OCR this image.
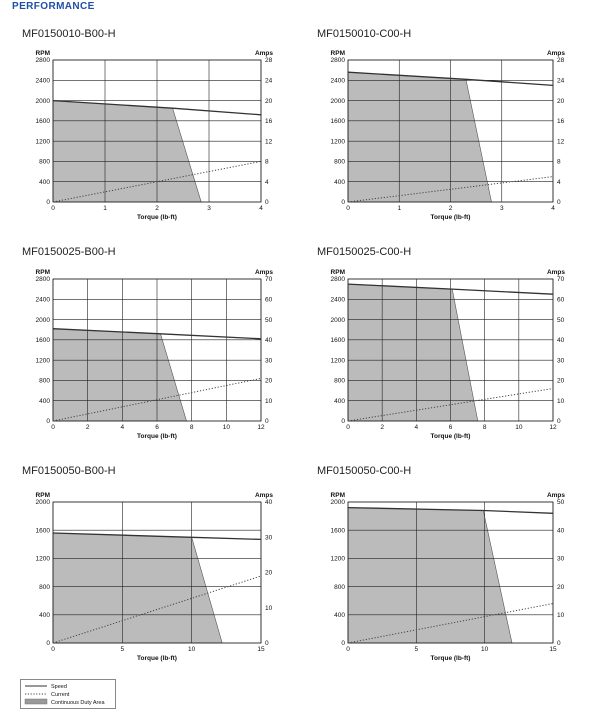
PERFORMANCE
MF0150010-B00-H
0	1	2	3	4
0
400
800
1200
1600
2000
2400
2800
0
4
8
12
16
20
24
28
Torque (lb-ft)
RPM	Amps
MF0150010-C00-H
0	1	2	3	4
0
400
800
1200
1600
2000
2400
2800
0
4
8
12
16
20
24
28
Torque (lb-ft)
RPM	Amps
MF0150025-B00-H
0	2	4	6	8	10	12
0
400
800
1200
1600
2000
2400
2800
0
10
20
30
40
50
60
70
Torque (lb-ft)
RPM	Amps
MF0150025-C00-H
0	2	4	6	8	10	12
0
400
800
1200
1600
2000
2400
2800
0
10
20
30
40
50
60
70
Torque (lb-ft)
RPM	Amps
MF0150050-B00-H
0	5	10	15
0
400
800
1200
1600
2000
0
10
20
30
40
Torque (lb-ft)
RPM	Amps
MF0150050-C00-H
0	5	10	15
0
400
800
1200
1600
2000
0
10
20
30
40
50
Torque (lb-ft)
RPM	Amps
Speed
Current
Continuous Duty Area
